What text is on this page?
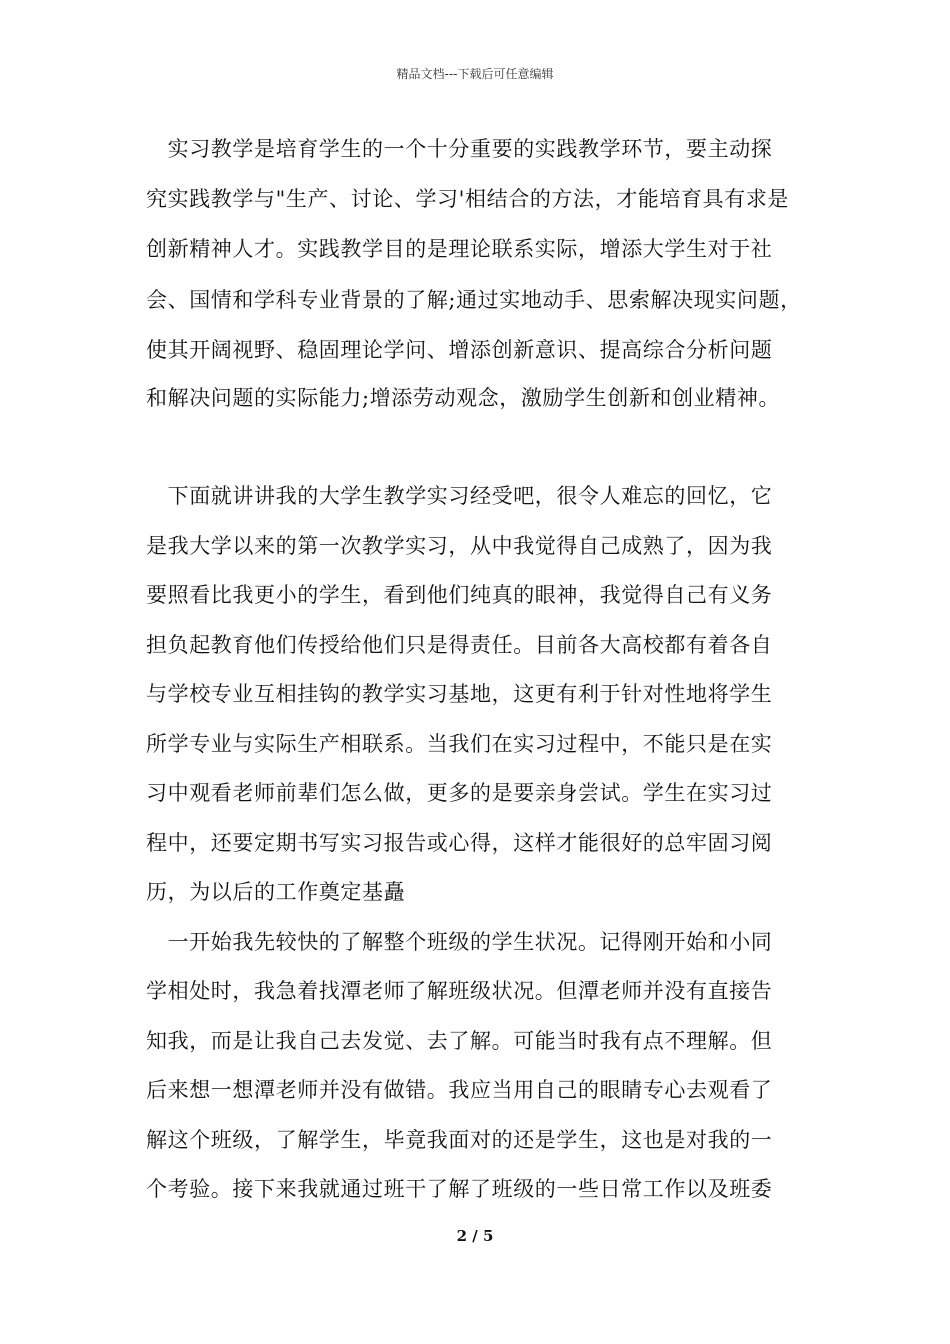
精品文档---下载后可任意编辑
　实习教学是培育学生的一个十分重要的实践教学环节，要主动探
究实践教学与"生产、讨论、学习'相结合的方法，才能培育具有求是
创新精神人才。实践教学目的是理论联系实际，增添大学生对于社
会、国情和学科专业背景的了解;通过实地动手、思索解决现实问题，
使其开阔视野、稳固理论学问、增添创新意识、提高综合分析问题
和解决问题的实际能力;增添劳动观念，激励学生创新和创业精神。
　下面就讲讲我的大学生教学实习经受吧，很令人难忘的回忆，它
是我大学以来的第一次教学实习，从中我觉得自己成熟了，因为我
要照看比我更小的学生，看到他们纯真的眼神，我觉得自己有义务
担负起教育他们传授给他们只是得责任。目前各大高校都有着各自
与学校专业互相挂钩的教学实习基地，这更有利于针对性地将学生
所学专业与实际生产相联系。当我们在实习过程中，不能只是在实
习中观看老师前辈们怎么做，更多的是要亲身尝试。学生在实习过
程中，还要定期书写实习报告或心得，这样才能很好的总牢固习阅
历，为以后的工作奠定基矗
　一开始我先较快的了解整个班级的学生状况。记得刚开始和小同
学相处时，我急着找潭老师了解班级状况。但潭老师并没有直接告
知我，而是让我自己去发觉、去了解。可能当时我有点不理解。但
后来想一想潭老师并没有做错。我应当用自己的眼睛专心去观看了
解这个班级，了解学生，毕竟我面对的还是学生，这也是对我的一
个考验。接下来我就通过班干了解了班级的一些日常工作以及班委
2 / 5
